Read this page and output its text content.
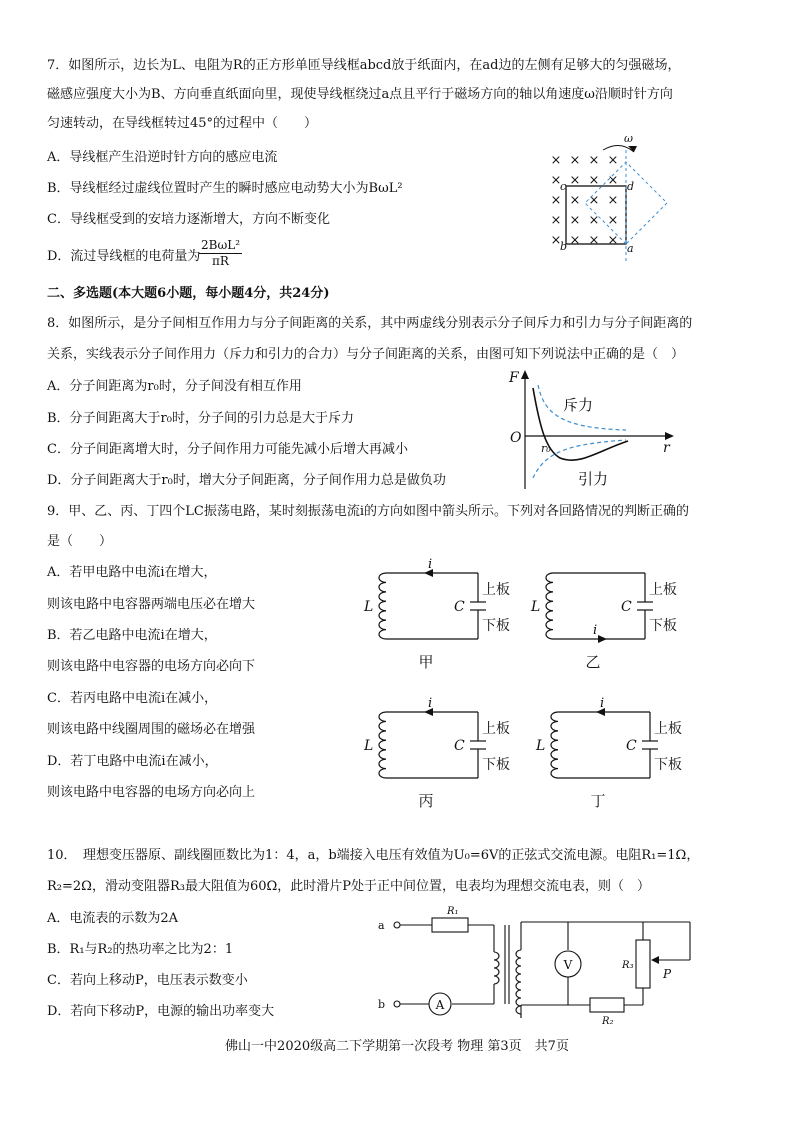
7．如图所示，边长为L、电阻为R的正方形单匝导线框abcd放于纸面内，在ad边的左侧有足够大的匀强磁场，
磁感应强度大小为B、方向垂直纸面向里，现使导线框绕过a点且平行于磁场方向的轴以角速度ω沿顺时针方向
匀速转动，在导线框转过45°的过程中（　　）
A．导线框产生沿逆时针方向的感应电流
B．导线框经过虚线位置时产生的瞬时感应电动势大小为BωL²
C．导线框受到的安培力逐渐增大，方向不断变化
D．流过导线框的电荷量为
2BωL²
πR
× × × ×
× × × ×
× × × ×
× × × ×
× × × ×
ω
c	d
b	a
二、多选题(本大题6小题，每小题4分，共24分)
8．如图所示，是分子间相互作用力与分子间距离的关系，其中两虚线分别表示分子间斥力和引力与分子间距离的
关系，实线表示分子间作用力（斥力和引力的合力）与分子间距离的关系，由图可知下列说法中正确的是（　）
A．分子间距离为r₀时，分子间没有相互作用
B．分子间距离大于r₀时，分子间的引力总是大于斥力
C．分子间距离增大时，分子间作用力可能先减小后增大再减小
D．分子间距离大于r₀时，增大分子间距离，分子间作用力总是做负功
F
O
r
r₀
斥力
引力
9．甲、乙、丙、丁四个LC振荡电路，某时刻振荡电流i的方向如图中箭头所示。下列对各回路情况的判断正确的
是（　　）
A．若甲电路中电流i在增大，
则该电路中电容器两端电压必在增大
B．若乙电路中电流i在增大，
则该电路中电容器的电场方向必向下
C．若丙电路中电流i在减小，
则该电路中线圈周围的磁场必在增强
D．若丁电路中电流i在减小，
则该电路中电容器的电场方向必向上
i
L	C
上板
下板
甲
i
L	C
上板
下板
乙
i
L	C
上板
下板
丙
i
L	C
上板
下板
丁
10．　理想变压器原、副线圈匝数比为1：4，a，b端接入电压有效值为U₀=6V的正弦式交流电源。电阻R₁=1Ω，
R₂=2Ω，滑动变阻器R₃最大阻值为60Ω，此时滑片P处于正中间位置，电表均为理想交流电表，则（　）
A．电流表的示数为2A
B．R₁与R₂的热功率之比为2：1
C．若向上移动P，电压表示数变小
D．若向下移动P，电源的输出功率变大
a
b
R₁
R₂
R₃
P
V
A
佛山一中2020级高二下学期第一次段考 物理 第3页　共7页
